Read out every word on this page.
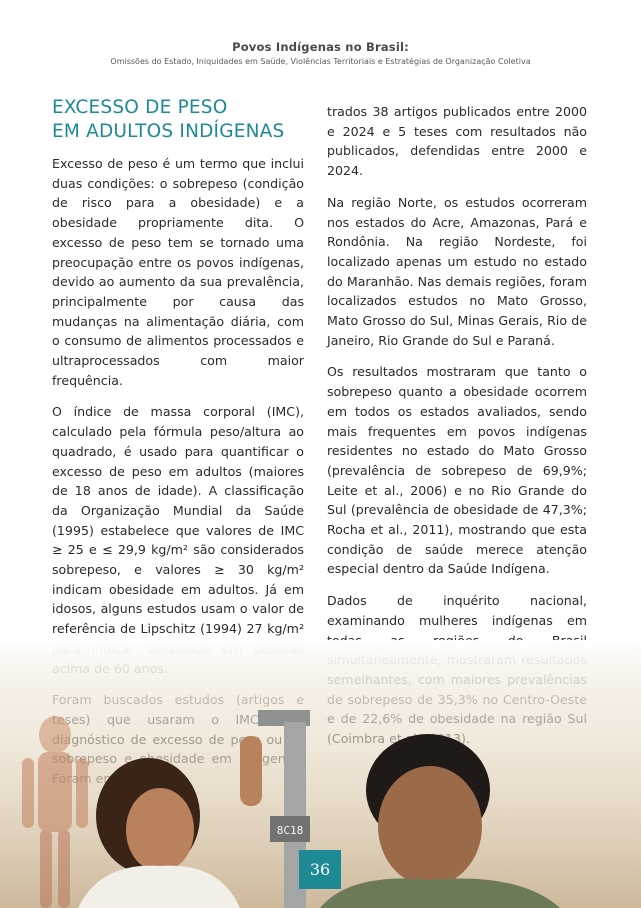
Povos Indígenas no Brasil:
Omissões do Estado, Iniquidades em Saúde, Violências Territoriais e Estratégias de Organização Coletiva
EXCESSO DE PESO
EM ADULTOS INDÍGENAS

Excesso de peso é um termo que inclui duas condições: o sobrepeso (condição de risco para a obesidade) e a obesidade propriamente dita. O excesso de peso tem se tornado uma preocupação entre os povos indígenas, devido ao aumento da sua prevalência, principalmente por causa das mudanças na alimentação diária, com o consumo de alimentos processados e ultraprocessados com maior frequência.

O índice de massa corporal (IMC), calculado pela fórmula peso/altura ao quadrado, é usado para quantificar o excesso de peso em adultos (maiores de 18 anos de idade). A classificação da Organização Mundial da Saúde (1995) estabelece que valores de IMC ≥ 25 e ≤ 29,9 kg/m² são considerados sobrepeso, e valores ≥ 30 kg/m² indicam obesidade em adultos. Já em idosos, alguns estudos usam o valor de referência de Lipschitz (1994) 27 kg/m²

trados 38 artigos publicados entre 2000 e 2024 e 5 teses com resultados não publicados, defendidas entre 2000 e 2024.

Na região Norte, os estudos ocorreram nos estados do Acre, Amazonas, Pará e Rondônia. Na região Nordeste, foi localizado apenas um estudo no estado do Maranhão. Nas demais regiões, foram localizados estudos no Mato Grosso, Mato Grosso do Sul, Minas Gerais, Rio de Janeiro, Rio Grande do Sul e Paraná.

Os resultados mostraram que tanto o sobrepeso quanto a obesidade ocorrem em todos os estados avaliados, sendo mais frequentes em povos indígenas residentes no estado do Mato Grosso (prevalência de sobrepeso de 69,9%; Leite et al., 2006) e no Rio Grande do Sul (prevalência de obesidade de 47,3%; Rocha et al., 2011), mostrando que esta condição de saúde merece atenção especial dentro da Saúde Indígena.

Dados de inquérito nacional, examinando mulheres indígenas em

8C18
36
